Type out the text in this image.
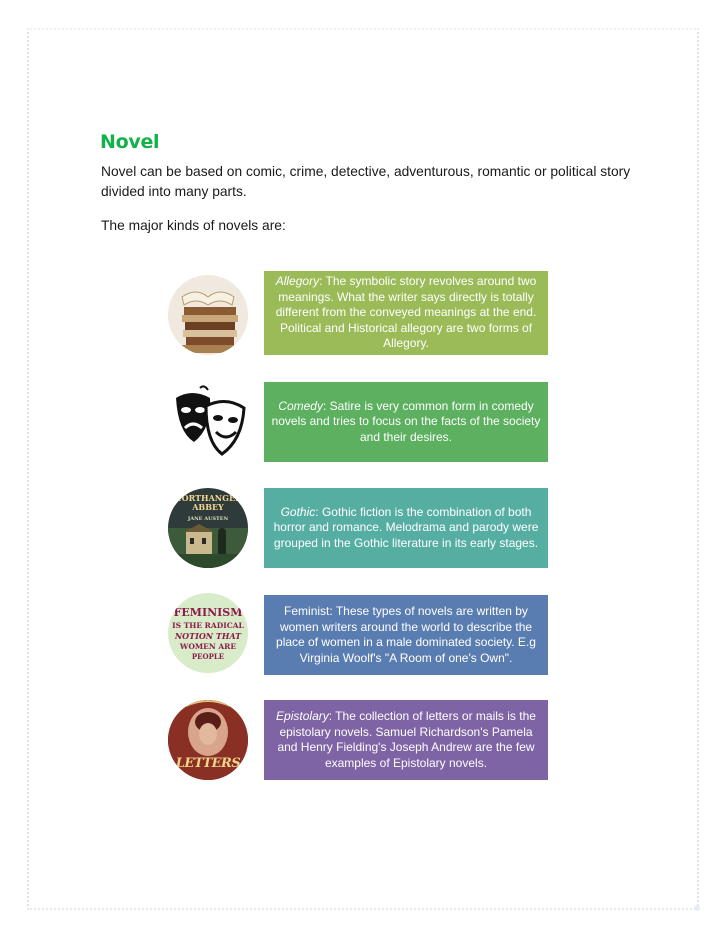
Novel
Novel can be based on comic, crime, detective, adventurous, romantic or political story divided into many parts.
The major kinds of novels are:
Allegory: The symbolic story revolves around two meanings. What the writer says directly is totally different from the conveyed meanings at the end. Political and Historical allegory are two forms of Allegory.
Comedy: Satire is very common form in comedy novels and tries to focus on the facts of the society and their desires.
NORTHANGER ABBEY
JANE AUSTEN
Gothic: Gothic fiction is the combination of both horror and romance. Melodrama and parody were grouped in the Gothic literature in its early stages.
FEMINISM
IS THE RADICAL
NOTION THAT
WOMEN ARE
PEOPLE
Feminist: These types of novels are written by women writers around the world to describe the place of women in a male dominated society. E.g Virginia Woolf's "A Room of one's Own".
LETTERS
Epistolary: The collection of letters or mails is the epistolary novels. Samuel Richardson's Pamela and Henry Fielding's Joseph Andrew are the few examples of Epistolary novels.
